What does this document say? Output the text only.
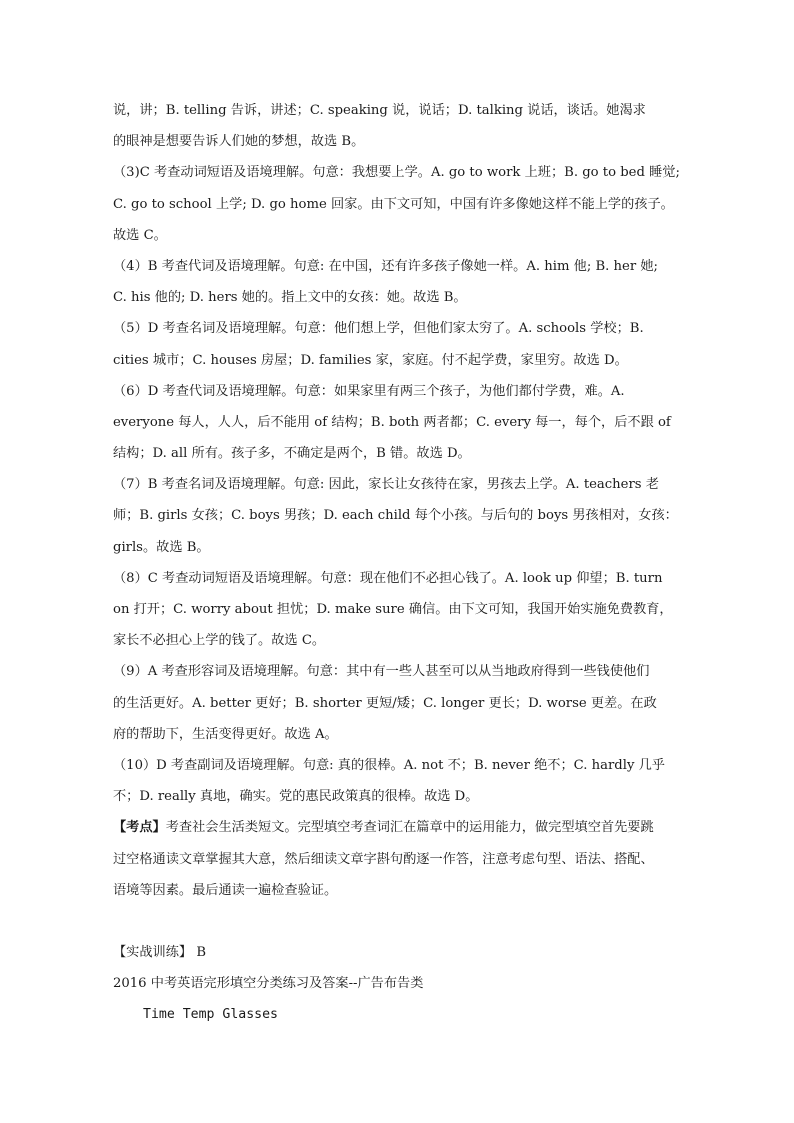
说，讲；B. telling 告诉，讲述；C. speaking 说，说话；D. talking 说话，谈话。她渴求
的眼神是想要告诉人们她的梦想，故选 B。
（3)C 考查动词短语及语境理解。句意：我想要上学。A. go to work 上班；B. go to bed 睡觉;
C. go to school 上学; D. go home 回家。由下文可知，中国有许多像她这样不能上学的孩子。
故选 C。
（4）B 考查代词及语境理解。句意: 在中国，还有许多孩子像她一样。A. him 他; B. her 她;
C. his 他的; D. hers 她的。指上文中的女孩：她。故选 B。
（5）D 考查名词及语境理解。句意：他们想上学，但他们家太穷了。A. schools 学校；B.
cities 城市；C. houses 房屋；D. families 家，家庭。付不起学费，家里穷。故选 D。
（6）D 考查代词及语境理解。句意：如果家里有两三个孩子，为他们都付学费，难。A.
everyone 每人，人人，后不能用 of 结构；B. both 两者都；C. every 每一，每个，后不跟 of
结构；D. all 所有。孩子多，不确定是两个，B 错。故选 D。
（7）B 考查名词及语境理解。句意: 因此，家长让女孩待在家，男孩去上学。A. teachers 老
师；B. girls 女孩；C. boys 男孩；D. each child 每个小孩。与后句的 boys 男孩相对，女孩：
girls。故选 B。
（8）C 考查动词短语及语境理解。句意：现在他们不必担心钱了。A. look up 仰望；B. turn
on 打开；C. worry about 担忧；D. make sure 确信。由下文可知，我国开始实施免费教育，
家长不必担心上学的钱了。故选 C。
（9）A 考查形容词及语境理解。句意：其中有一些人甚至可以从当地政府得到一些钱使他们
的生活更好。A. better 更好；B. shorter 更短/矮；C. longer 更长；D. worse 更差。在政
府的帮助下，生活变得更好。故选 A。
（10）D 考查副词及语境理解。句意: 真的很棒。A. not 不；B. never 绝不；C. hardly 几乎
不；D. really 真地，确实。党的惠民政策真的很棒。故选 D。
【考点】考查社会生活类短文。完型填空考查词汇在篇章中的运用能力，做完型填空首先要跳
过空格通读文章掌握其大意，然后细读文章字斟句酌逐一作答，注意考虑句型、语法、搭配、
语境等因素。最后通读一遍检查验证。
【实战训练】 B
2016 中考英语完形填空分类练习及答案--广告布告类
Time Temp Glasses
